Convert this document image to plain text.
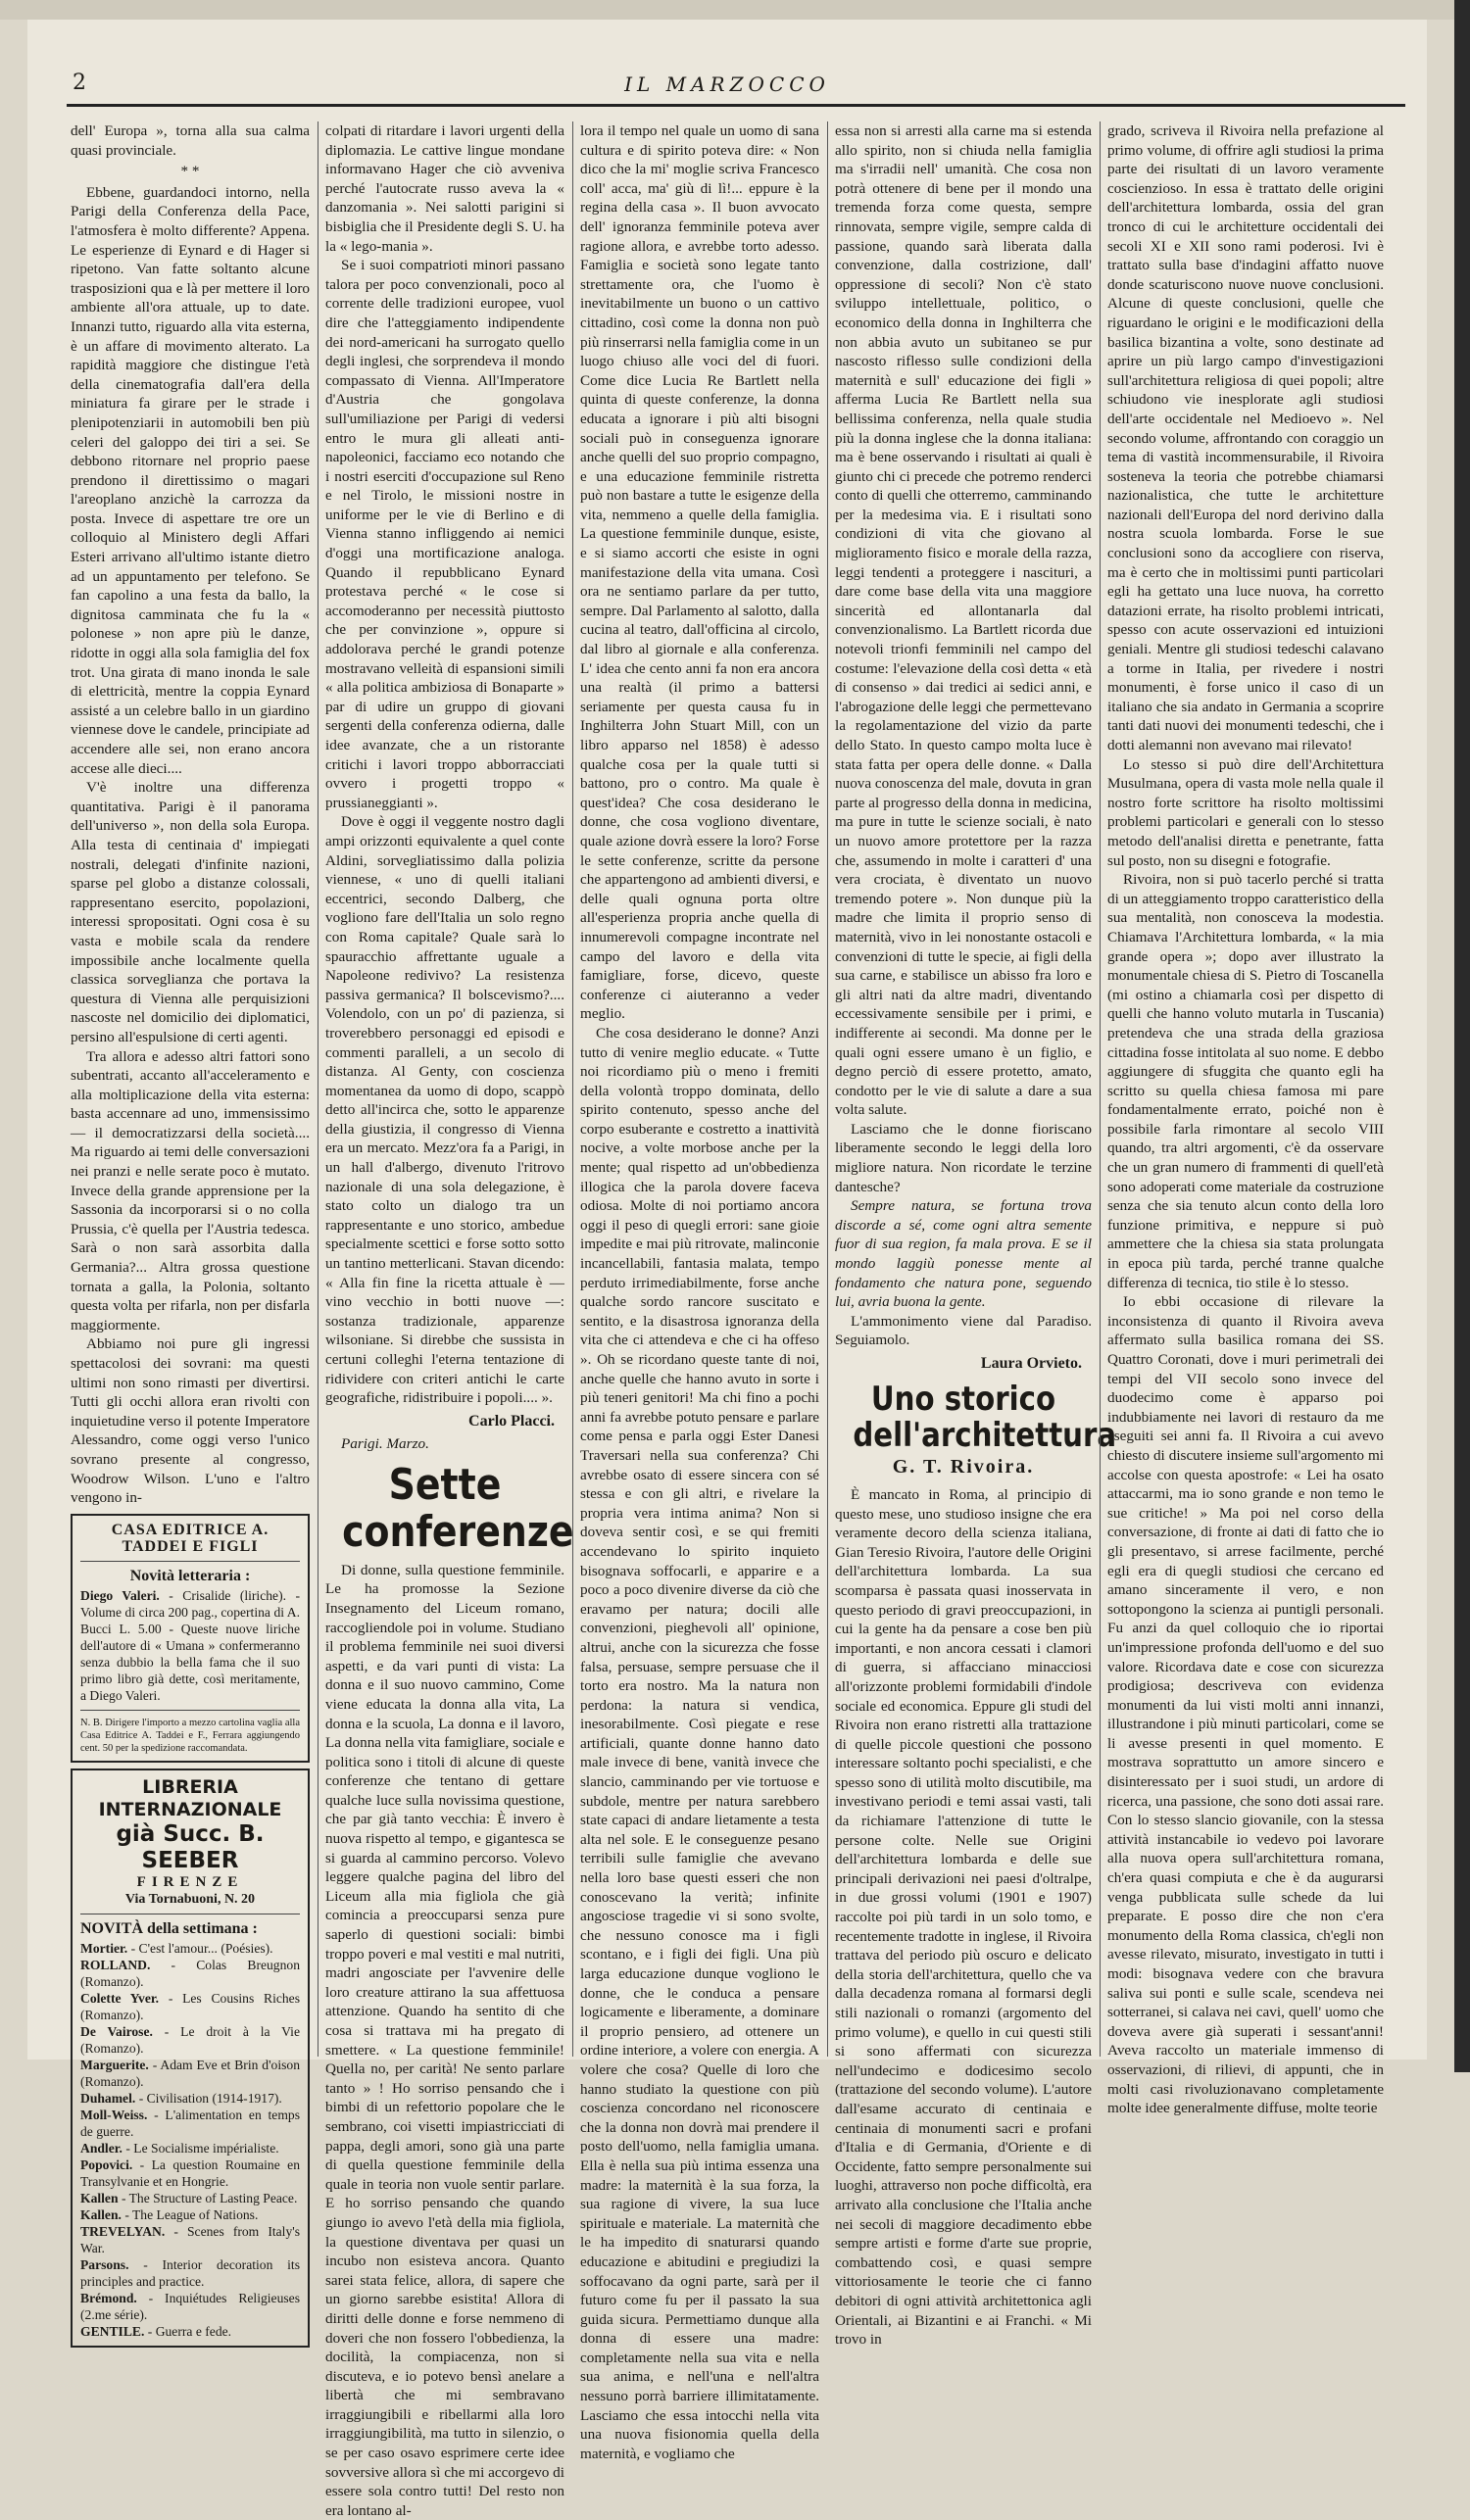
2	IL MARZOCCO

dell' Europa », torna alla sua calma quasi provinciale.

* *

Ebbene, guardandoci intorno, nella Parigi della Conferenza della Pace, l'atmosfera è molto differente? Appena. Le esperienze di Eynard e di Hager si ripetono. Van fatte soltanto alcune trasposizioni qua e là per mettere il loro ambiente all'ora attuale, up to date. Innanzi tutto, riguardo alla vita esterna, è un affare di movimento alterato. La rapidità maggiore che distingue l'età della cinematografia dall'era della miniatura fa girare per le strade i plenipotenziarii in automobili ben più celeri del galoppo dei tiri a sei. Se debbono ritornare nel proprio paese prendono il direttissimo o magari l'areoplano anzichè la carrozza da posta. Invece di aspettare tre ore un colloquio al Ministero degli Affari Esteri arrivano all'ultimo istante dietro ad un appuntamento per telefono. Se fan capolino a una festa da ballo, la dignitosa camminata che fu la « polonese » non apre più le danze, ridotte in oggi alla sola famiglia del fox trot. Una girata di mano inonda le sale di elettricità, mentre la coppia Eynard assisté a un celebre ballo in un giardino viennese dove le candele, principiate ad accendere alle sei, non erano ancora accese alle dieci....

V'è inoltre una differenza quantitativa. Parigi è il panorama dell'universo », non della sola Europa. Alla testa di centinaia d' impiegati nostrali, delegati d'infinite nazioni, sparse pel globo a distanze colossali, rappresentano esercito, popolazioni, interessi spropositati. Ogni cosa è su vasta e mobile scala da rendere impossibile anche localmente quella classica sorveglianza che portava la questura di Vienna alle perquisizioni nascoste nel domicilio dei diplomatici, persino all'espulsione di certi agenti.

Tra allora e adesso altri fattori sono subentrati, accanto all'acceleramento e alla moltiplicazione della vita esterna: basta accennare ad uno, immensissimo — il democratizzarsi della società.... Ma riguardo ai temi delle conversazioni nei pranzi e nelle serate poco è mutato. Invece della grande apprensione per la Sassonia da incorporarsi si o no colla Prussia, c'è quella per l'Austria tedesca. Sarà o non sarà assorbita dalla Germania?... Altra grossa questione tornata a galla, la Polonia, soltanto questa volta per rifarla, non per disfarla maggiormente.

Abbiamo noi pure gli ingressi spettacolosi dei sovrani: ma questi ultimi non sono rimasti per divertirsi. Tutti gli occhi allora eran rivolti con inquietudine verso il potente Imperatore Alessandro, come oggi verso l'unico sovrano presente al congresso, Woodrow Wilson. L'uno e l'altro vengono in-

CASA EDITRICE A. TADDEI E FIGLI
Novità letteraria :
Diego Valeri. - Crisalide (liriche). - Volume di circa 200 pag., copertina di A. Bucci L. 5.00 - Queste nuove liriche dell'autore di « Umana » confermeranno senza dubbio la bella fama che il suo primo libro già dette, così meritamente, a Diego Valeri.
N. B. Dirigere l'importo a mezzo cartolina vaglia alla Casa Editrice A. Taddei e F., Ferrara aggiungendo cent. 50 per la spedizione raccomandata.
LIBRERIA INTERNAZIONALE
già Succ. B. SEEBER
FIRENZE
Via Tornabuoni, N. 20
NOVITÀ della settimana :
Mortier. - C'est l'amour... (Poésies).
ROLLAND. - Colas Breugnon (Romanzo).
Colette Yver. - Les Cousins Riches (Romanzo).
De Vairose. - Le droit à la Vie (Romanzo).
Marguerite. - Adam Eve et Brin d'oison (Romanzo).
Duhamel. - Civilisation (1914-1917).
Moll-Weiss. - L'alimentation en temps de guerre.
Andler. - Le Socialisme impérialiste.
Popovici. - La question Roumaine en Transylvanie et en Hongrie.
Kallen - The Structure of Lasting Peace.
Kallen. - The League of Nations.
TREVELYAN. - Scenes from Italy's War.
Parsons. - Interior decoration its principles and practice.
Brémond. - Inquiétudes Religieuses (2.me série).
GENTILE. - Guerra e fede.

colpati di ritardare i lavori urgenti della diplomazia. Le cattive lingue mondane informavano Hager che ciò avveniva perché l'autocrate russo aveva la « danzomania ». Nei salotti parigini si bisbiglia che il Presidente degli S. U. ha la « lego-mania ».

Se i suoi compatrioti minori passano talora per poco convenzionali, poco al corrente delle tradizioni europee, vuol dire che l'atteggiamento indipendente dei nord-americani ha surrogato quello degli inglesi, che sorprendeva il mondo compassato di Vienna. All'Imperatore d'Austria che gongolava sull'umiliazione per Parigi di vedersi entro le mura gli alleati anti-napoleonici, facciamo eco notando che i nostri eserciti d'occupazione sul Reno e nel Tirolo, le missioni nostre in uniforme per le vie di Berlino e di Vienna stanno infliggendo ai nemici d'oggi una mortificazione analoga. Quando il repubblicano Eynard protestava perché « le cose si accomoderanno per necessità piuttosto che per convinzione », oppure si addolorava perché le grandi potenze mostravano velleità di espansioni simili « alla politica ambiziosa di Bonaparte » par di udire un gruppo di giovani sergenti della conferenza odierna, dalle idee avanzate, che a un ristorante critichi i lavori troppo abborracciati ovvero i progetti troppo « prussianeggianti ».

Dove è oggi il veggente nostro dagli ampi orizzonti equivalente a quel conte Aldini, sorvegliatissimo dalla polizia viennese, « uno di quelli italiani eccentrici, secondo Dalberg, che vogliono fare dell'Italia un solo regno con Roma capitale? Quale sarà lo spauracchio affrettante uguale a Napoleone redivivo? La resistenza passiva germanica? Il bolscevismo?.... Volendolo, con un po' di pazienza, si troverebbero personaggi ed episodi e commenti paralleli, a un secolo di distanza. Al Genty, con coscienza momentanea da uomo di dopo, scappò detto all'incirca che, sotto le apparenze della giustizia, il congresso di Vienna era un mercato. Mezz'ora fa a Parigi, in un hall d'albergo, divenuto l'ritrovo nazionale di una sola delegazione, è stato colto un dialogo tra un rappresentante e uno storico, ambedue specialmente scettici e forse sotto sotto un tantino metterlicani. Stavan dicendo: « Alla fin fine la ricetta attuale è — vino vecchio in botti nuove —: sostanza tradizionale, apparenze wilsoniane. Si direbbe che sussista in certuni colleghi l'eterna tentazione di ridividere con criteri antichi le carte geografiche, ridistribuire i popoli.... ».

Carlo Placci.

Parigi. Marzo.

Sette conferenze

Di donne, sulla questione femminile. Le ha promosse la Sezione Insegnamento del Liceum romano, raccogliendole poi in volume. Studiano il problema femminile nei suoi diversi aspetti, e da vari punti di vista: La donna e il suo nuovo cammino, Come viene educata la donna alla vita, La donna e la scuola, La donna e il lavoro, La donna nella vita famigliare, sociale e politica sono i titoli di alcune di queste conferenze che tentano di gettare qualche luce sulla novissima questione, che par già tanto vecchia: È invero è nuova rispetto al tempo, e gigantesca se si guarda al cammino percorso. Volevo leggere qualche pagina del libro del Liceum alla mia figliola che già comincia a preoccuparsi senza pure saperlo di questioni sociali: bimbi troppo poveri e mal vestiti e mal nutriti, madri angosciate per l'avvenire delle loro creature attirano la sua affettuosa attenzione. Quando ha sentito di che cosa si trattava mi ha pregato di smettere. « La questione femminile! Quella no, per carità! Ne sento parlare tanto » ! Ho sorriso pensando che i bimbi di un refettorio popolare che le sembrano, coi visetti impiastricciati di pappa, degli amori, sono già una parte di quella questione femminile della quale in teoria non vuole sentir parlare. E ho sorriso pensando che quando giungo io avevo l'età della mia figliola, la questione diventava per quasi un incubo non esisteva ancora. Quanto sarei stata felice, allora, di sapere che un giorno sarebbe esistita! Allora di diritti delle donne e forse nemmeno di doveri che non fossero l'obbedienza, la docilità, la compiacenza, non si discuteva, e io potevo bensì anelare a libertà che mi sembravano irraggiungibili e ribellarmi alla loro irraggiungibilità, ma tutto in silenzio, o se per caso osavo esprimere certe idee sovversive allora sì che mi accorgevo di essere sola contro tutti! Del resto non era lontano al-

lora il tempo nel quale un uomo di sana cultura e di spirito poteva dire: « Non dico che la mi' moglie scriva Francesco coll' acca, ma' giù di lì!... eppure è la regina della casa ». Il buon avvocato dell' ignoranza femminile poteva aver ragione allora, e avrebbe torto adesso. Famiglia e società sono legate tanto strettamente ora, che l'uomo è inevitabilmente un buono o un cattivo cittadino, così come la donna non può più rinserrarsi nella famiglia come in un luogo chiuso alle voci del di fuori. Come dice Lucia Re Bartlett nella quinta di queste conferenze, la donna educata a ignorare i più alti bisogni sociali può in conseguenza ignorare anche quelli del suo proprio compagno, e una educazione femminile ristretta può non bastare a tutte le esigenze della vita, nemmeno a quelle della famiglia. La questione femminile dunque, esiste, e si siamo accorti che esiste in ogni manifestazione della vita umana. Così ora ne sentiamo parlare da per tutto, sempre. Dal Parlamento al salotto, dalla cucina al teatro, dall'officina al circolo, dal libro al giornale e alla conferenza. L' idea che cento anni fa non era ancora una realtà (il primo a battersi seriamente per questa causa fu in Inghilterra John Stuart Mill, con un libro apparso nel 1858) è adesso qualche cosa per la quale tutti si battono, pro o contro. Ma quale è quest'idea? Che cosa desiderano le donne, che cosa vogliono diventare, quale azione dovrà essere la loro? Forse le sette conferenze, scritte da persone che appartengono ad ambienti diversi, e delle quali ognuna porta oltre all'esperienza propria anche quella di innumerevoli compagne incontrate nel campo del lavoro e della vita famigliare, forse, dicevo, queste conferenze ci aiuteranno a veder meglio.

Che cosa desiderano le donne? Anzi tutto di venire meglio educate. « Tutte noi ricordiamo più o meno i fremiti della volontà troppo dominata, dello spirito contenuto, spesso anche del corpo esuberante e costretto a inattività nocive, a volte morbose anche per la mente; qual rispetto ad un'obbedienza illogica che la parola dovere faceva odiosa. Molte di noi portiamo ancora oggi il peso di quegli errori: sane gioie impedite e mai più ritrovate, malinconie incancellabili, fantasia malata, tempo perduto irrimediabilmente, forse anche qualche sordo rancore suscitato e sentito, e la disastrosa ignoranza della vita che ci attendeva e che ci ha offeso ». Oh se ricordano queste tante di noi, anche quelle che hanno avuto in sorte i più teneri genitori! Ma chi fino a pochi anni fa avrebbe potuto pensare e parlare come pensa e parla oggi Ester Danesi Traversari nella sua conferenza? Chi avrebbe osato di essere sincera con sé stessa e con gli altri, e rivelare la propria vera intima anima? Non si doveva sentir così, e se qui fremiti accendevano lo spirito inquieto bisognava soffocarli, e apparire e a poco a poco divenire diverse da ciò che eravamo per natura; docili alle convenzioni, pieghevoli all' opinione, altrui, anche con la sicurezza che fosse falsa, persuase, sempre persuase che il torto era nostro. Ma la natura non perdona: la natura si vendica, inesorabilmente. Così piegate e rese artificiali, quante donne hanno dato male invece di bene, vanità invece che slancio, camminando per vie tortuose e subdole, mentre per natura sarebbero state capaci di andare lietamente a testa alta nel sole. E le conseguenze pesano terribili sulle famiglie che avevano nella loro base questi esseri che non conoscevano la verità; infinite angosciose tragedie vi si sono svolte, che nessuno conosce ma i figli scontano, e i figli dei figli. Una più larga educazione dunque vogliono le donne, che le conduca a pensare logicamente e liberamente, a dominare il proprio pensiero, ad ottenere un ordine interiore, a volere con energia. A volere che cosa? Quelle di loro che hanno studiato la questione con più coscienza concordano nel riconoscere che la donna non dovrà mai prendere il posto dell'uomo, nella famiglia umana. Ella è nella sua più intima essenza una madre: la maternità è la sua forza, la sua ragione di vivere, la sua luce spirituale e materiale. La maternità che le ha impedito di snaturarsi quando educazione e abitudini e pregiudizi la soffocavano da ogni parte, sarà per il futuro come fu per il passato la sua guida sicura. Permettiamo dunque alla donna di essere una madre: completamente nella sua vita e nella sua anima, e nell'una e nell'altra nessuno porrà barriere illimitatamente. Lasciamo che essa intocchi nella vita una nuova fisionomia quella della maternità, e vogliamo che

essa non si arresti alla carne ma si estenda allo spirito, non si chiuda nella famiglia ma s'irradii nell' umanità. Che cosa non potrà ottenere di bene per il mondo una tremenda forza come questa, sempre rinnovata, sempre vigile, sempre calda di passione, quando sarà liberata dalla convenzione, dalla costrizione, dall' oppressione di secoli? Non c'è stato sviluppo intellettuale, politico, o economico della donna in Inghilterra che non abbia avuto un subitaneo se pur nascosto riflesso sulle condizioni della maternità e sull' educazione dei figli » afferma Lucia Re Bartlett nella sua bellissima conferenza, nella quale studia più la donna inglese che la donna italiana: ma è bene osservando i risultati ai quali è giunto chi ci precede che potremo renderci conto di quelli che otterremo, camminando per la medesima via. E i risultati sono condizioni di vita che giovano al miglioramento fisico e morale della razza, leggi tendenti a proteggere i nascituri, a dare come base della vita una maggiore sincerità ed allontanarla dal convenzionalismo. La Bartlett ricorda due notevoli trionfi femminili nel campo del costume: l'elevazione della così detta « età di consenso » dai tredici ai sedici anni, e l'abrogazione delle leggi che permettevano la regolamentazione del vizio da parte dello Stato. In questo campo molta luce è stata fatta per opera delle donne. « Dalla nuova conoscenza del male, dovuta in gran parte al progresso della donna in medicina, ma pure in tutte le scienze sociali, è nato un nuovo amore protettore per la razza che, assumendo in molte i caratteri d' una vera crociata, è diventato un nuovo tremendo potere ». Non dunque più la madre che limita il proprio senso di maternità, vivo in lei nonostante ostacoli e convenzioni di tutte le specie, ai figli della sua carne, e stabilisce un abisso fra loro e gli altri nati da altre madri, diventando eccessivamente sensibile per i primi, e indifferente ai secondi. Ma donne per le quali ogni essere umano è un figlio, e degno perciò di essere protetto, amato, condotto per le vie di salute a dare a sua volta salute.

Lasciamo che le donne fioriscano liberamente secondo le leggi della loro migliore natura. Non ricordate le terzine dantesche?

Sempre natura, se fortuna trova discorde a sé, come ogni altra semente fuor di sua region, fa mala prova. E se il mondo laggiù ponesse mente al fondamento che natura pone, seguendo lui, avria buona la gente.

L'ammonimento viene dal Paradiso. Seguiamolo.

Laura Orvieto.
Uno storico dell'architettura
G. T. Rivoira.

È mancato in Roma, al principio di questo mese, uno studioso insigne che era veramente decoro della scienza italiana, Gian Teresio Rivoira, l'autore delle Origini dell'architettura lombarda. La sua scomparsa è passata quasi inosservata in questo periodo di gravi preoccupazioni, in cui la gente ha da pensare a cose ben più importanti, e non ancora cessati i clamori di guerra, si affacciano minacciosi all'orizzonte problemi formidabili d'indole sociale ed economica. Eppure gli studi del Rivoira non erano ristretti alla trattazione di quelle piccole questioni che possono interessare soltanto pochi specialisti, e che spesso sono di utilità molto discutibile, ma investivano periodi e temi assai vasti, tali da richiamare l'attenzione di tutte le persone colte. Nelle sue Origini dell'architettura lombarda e delle sue principali derivazioni nei paesi d'oltralpe, in due grossi volumi (1901 e 1907) raccolte poi più tardi in un solo tomo, e recentemente tradotte in inglese, il Rivoira trattava del periodo più oscuro e delicato della storia dell'architettura, quello che va dalla decadenza romana al formarsi degli stili nazionali o romanzi (argomento del primo volume), e quello in cui questi stili si sono affermati con sicurezza nell'undecimo e dodicesimo secolo (trattazione del secondo volume). L'autore dall'esame accurato di centinaia e centinaia di monumenti sacri e profani d'Italia e di Germania, d'Oriente e di Occidente, fatto sempre personalmente sui luoghi, attraverso non poche difficoltà, era arrivato alla conclusione che l'Italia anche nei secoli di maggiore decadimento ebbe sempre artisti e forme d'arte sue proprie, combattendo così, e quasi sempre vittoriosamente le teorie che ci fanno debitori di ogni attività architettonica agli Orientali, ai Bizantini e ai Franchi. « Mi trovo in

grado, scriveva il Rivoira nella prefazione al primo volume, di offrire agli studiosi la prima parte dei risultati di un lavoro veramente coscienzioso. In essa è trattato delle origini dell'architettura lombarda, ossia del gran tronco di cui le architetture occidentali dei secoli XI e XII sono rami poderosi. Ivi è trattato sulla base d'indagini affatto nuove donde scaturiscono nuove nuove conclusioni. Alcune di queste conclusioni, quelle che riguardano le origini e le modificazioni della basilica bizantina a volte, sono destinate ad aprire un più largo campo d'investigazioni sull'architettura religiosa di quei popoli; altre schiudono vie inesplorate agli studiosi dell'arte occidentale nel Medioevo ». Nel secondo volume, affrontando con coraggio un tema di vastità incommensurabile, il Rivoira sosteneva la teoria che potrebbe chiamarsi nazionalistica, che tutte le architetture nazionali dell'Europa del nord derivino dalla nostra scuola lombarda. Forse le sue conclusioni sono da accogliere con riserva, ma è certo che in moltissimi punti particolari egli ha gettato una luce nuova, ha corretto datazioni errate, ha risolto problemi intricati, spesso con acute osservazioni ed intuizioni geniali. Mentre gli studiosi tedeschi calavano a torme in Italia, per rivedere i nostri monumenti, è forse unico il caso di un italiano che sia andato in Germania a scoprire tanti dati nuovi dei monumenti tedeschi, che i dotti alemanni non avevano mai rilevato!

Lo stesso si può dire dell'Architettura Musulmana, opera di vasta mole nella quale il nostro forte scrittore ha risolto moltissimi problemi particolari e generali con lo stesso metodo dell'analisi diretta e penetrante, fatta sul posto, non su disegni e fotografie.

Rivoira, non si può tacerlo perché si tratta di un atteggiamento troppo caratteristico della sua mentalità, non conosceva la modestia. Chiamava l'Architettura lombarda, « la mia grande opera »; dopo aver illustrato la monumentale chiesa di S. Pietro di Toscanella (mi ostino a chiamarla così per dispetto di quelli che hanno voluto mutarla in Tuscania) pretendeva che una strada della graziosa cittadina fosse intitolata al suo nome. E debbo aggiungere di sfuggita che quanto egli ha scritto su quella chiesa famosa mi pare fondamentalmente errato, poiché non è possibile farla rimontare al secolo VIII quando, tra altri argomenti, c'è da osservare che un gran numero di frammenti di quell'età sono adoperati come materiale da costruzione senza che sia tenuto alcun conto della loro funzione primitiva, e neppure si può ammettere che la chiesa sia stata prolungata in epoca più tarda, perché tranne qualche differenza di tecnica, tio stile è lo stesso.

Io ebbi occasione di rilevare la inconsistenza di quanto il Rivoira aveva affermato sulla basilica romana dei SS. Quattro Coronati, dove i muri perimetrali dei tempi del VII secolo sono invece del duodecimo come è apparso poi indubbiamente nei lavori di restauro da me eseguiti sei anni fa. Il Rivoira a cui avevo chiesto di discutere insieme sull'argomento mi accolse con questa apostrofe: « Lei ha osato attaccarmi, ma io sono grande e non temo le sue critiche! » Ma poi nel corso della conversazione, di fronte ai dati di fatto che io gli presentavo, si arrese facilmente, perché egli era di quegli studiosi che cercano ed amano sinceramente il vero, e non sottopongono la scienza ai puntigli personali. Fu anzi da quel colloquio che io riportai un'impressione profonda dell'uomo e del suo valore. Ricordava date e cose con sicurezza prodigiosa; descriveva con evidenza monumenti da lui visti molti anni innanzi, illustrandone i più minuti particolari, come se li avesse presenti in quel momento. E mostrava soprattutto un amore sincero e disinteressato per i suoi studi, un ardore di ricerca, una passione, che sono doti assai rare. Con lo stesso slancio giovanile, con la stessa attività instancabile io vedevo poi lavorare alla nuova opera sull'architettura romana, ch'era quasi compiuta e che è da augurarsi venga pubblicata sulle schede da lui preparate. E posso dire che non c'era monumento della Roma classica, ch'egli non avesse rilevato, misurato, investigato in tutti i modi: bisognava vedere con che bravura saliva sui ponti e sulle scale, scendeva nei sotterranei, si calava nei cavi, quell' uomo che doveva avere già superati i sessant'anni! Aveva raccolto un materiale immenso di osservazioni, di rilievi, di appunti, che in molti casi rivoluzionavano completamente molte idee generalmente diffuse, molte teorie
